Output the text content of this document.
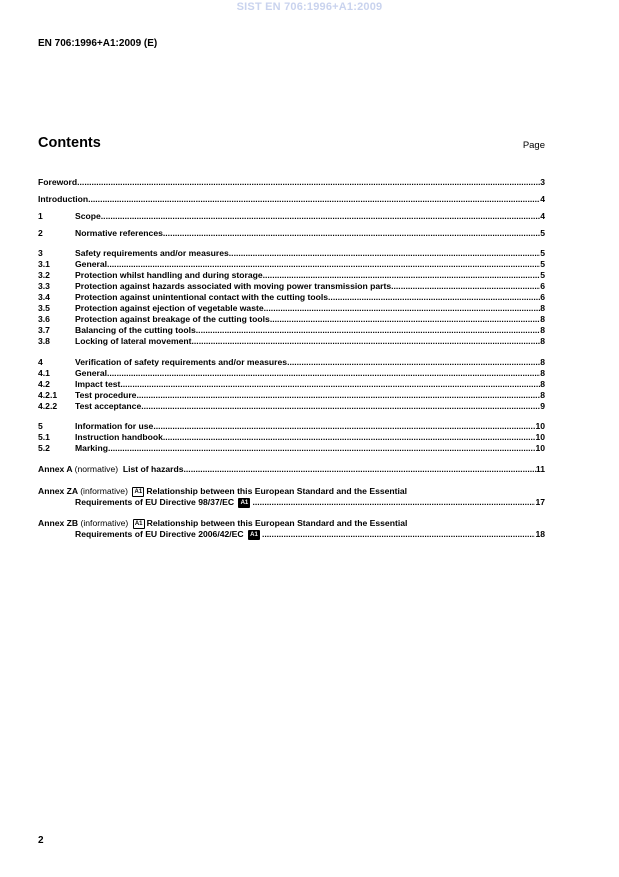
SIST EN 706:1996+A1:2009
EN 706:1996+A1:2009 (E)
Contents	Page
Foreword .....	3
Introduction .....	4
1	Scope .....	4
2	Normative references .....	5
3	Safety requirements and/or measures .....	5
3.1	General .....	5
3.2	Protection whilst handling and during storage .....	5
3.3	Protection against hazards associated with moving power transmission parts .....	6
3.4	Protection against unintentional contact with the cutting tools .....	6
3.5	Protection against ejection of vegetable waste .....	8
3.6	Protection against breakage of the cutting tools .....	8
3.7	Balancing of the cutting tools .....	8
3.8	Locking of lateral movement .....	8
4	Verification of safety requirements and/or measures .....	8
4.1	General .....	8
4.2	Impact test .....	8
4.2.1	Test procedure .....	8
4.2.2	Test acceptance .....	9
5	Information for use .....	10
5.1	Instruction handbook .....	10
5.2	Marking .....	10
Annex A (normative) List of hazards .....	11
Annex ZA (informative) A1 Relationship between this European Standard and the Essential
Requirements of EU Directive 98/37/EC A1 .....	17
Annex ZB (informative) A1 Relationship between this European Standard and the Essential
Requirements of EU Directive 2006/42/EC A1 .....	18
2
